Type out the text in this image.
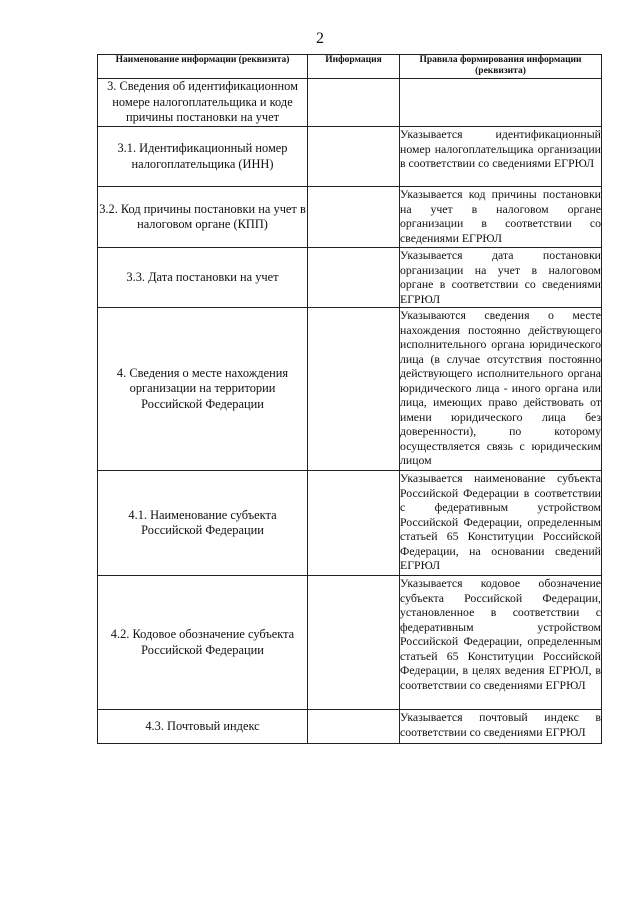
2
Наименование информации (реквизита)	Информация	Правила формирования информации (реквизита)
3. Сведения об идентификационном номере налогоплательщика и коде причины постановки на учет		
3.1. Идентификационный номер налогоплательщика (ИНН)		Указывается идентификационный номер налогоплательщика организации в соответствии со сведениями ЕГРЮЛ
3.2. Код причины постановки на учет в налоговом органе (КПП)		Указывается код причины постановки на учет в налоговом органе организации в соответствии со сведениями ЕГРЮЛ
3.3. Дата постановки на учет		Указывается дата постановки организации на учет в налоговом органе в соответствии со сведениями ЕГРЮЛ
4. Сведения о месте нахождения организации на территории Российской Федерации		Указываются сведения о месте нахождения постоянно действующего исполнительного органа юридического лица (в случае отсутствия постоянно действующего исполнительного органа юридического лица - иного органа или лица, имеющих право действовать от имени юридического лица без доверенности), по которому осуществляется связь с юридическим лицом
4.1. Наименование субъекта Российской Федерации		Указывается наименование субъекта Российской Федерации в соответствии с федеративным устройством Российской Федерации, определенным статьей 65 Конституции Российской Федерации, на основании сведений ЕГРЮЛ
4.2. Кодовое обозначение субъекта Российской Федерации		Указывается кодовое обозначение субъекта Российской Федерации, установленное в соответствии с федеративным устройством Российской Федерации, определенным статьей 65 Конституции Российской Федерации, в целях ведения ЕГРЮЛ, в соответствии со сведениями ЕГРЮЛ
4.3. Почтовый индекс		Указывается почтовый индекс в соответствии со сведениями ЕГРЮЛ
